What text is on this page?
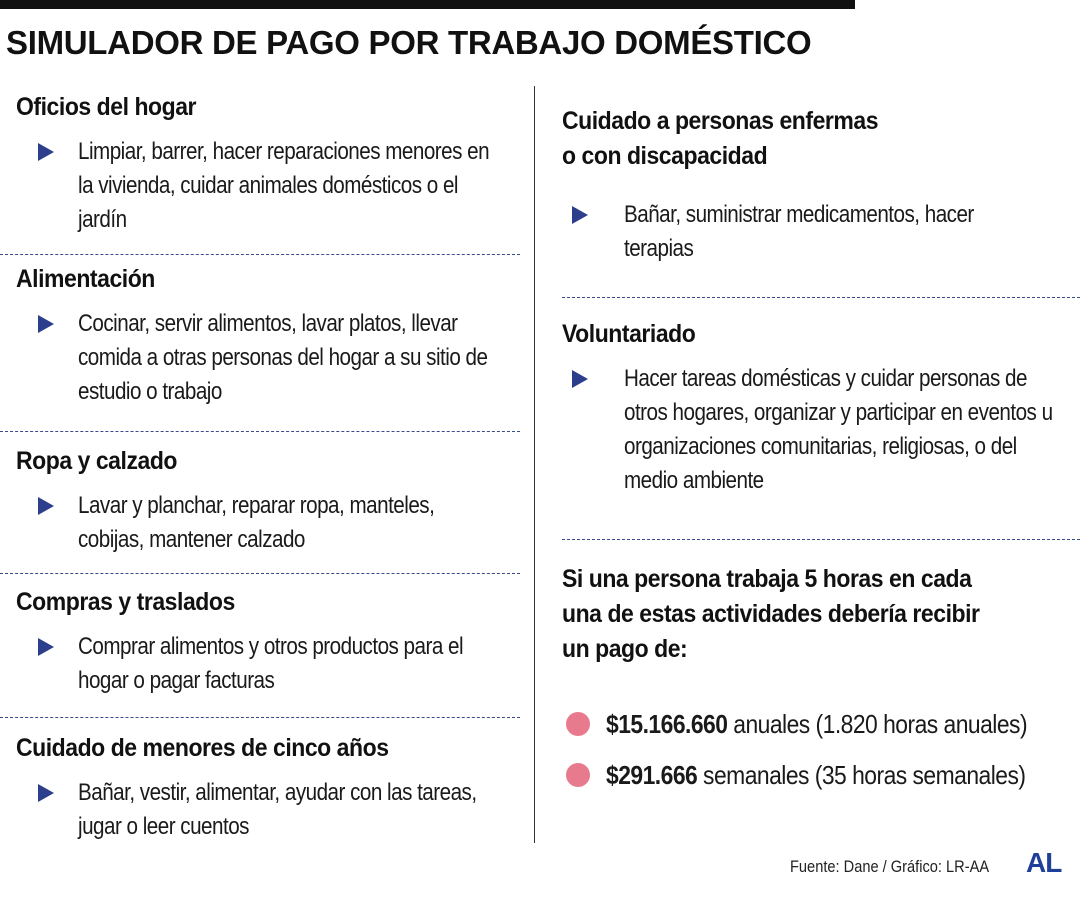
SIMULADOR DE PAGO POR TRABAJO DOMÉSTICO
Oficios del hogar
Limpiar, barrer, hacer reparaciones menores en la vivienda, cuidar animales domésticos o el jardín
Alimentación
Cocinar, servir alimentos, lavar platos, llevar comida a otras personas del hogar a su sitio de estudio o trabajo
Ropa y calzado
Lavar y planchar, reparar ropa, manteles, cobijas, mantener calzado
Compras y traslados
Comprar alimentos y otros productos para el hogar o pagar facturas
Cuidado de menores de cinco años
Bañar, vestir, alimentar, ayudar con las tareas, jugar o leer cuentos
Cuidado a personas enfermas
o con discapacidad
Bañar, suministrar medicamentos, hacer terapias
Voluntariado
Hacer tareas domésticas y cuidar personas de otros hogares, organizar y participar en eventos u organizaciones comunitarias, religiosas, o del medio ambiente
Si una persona trabaja 5 horas en cada una de estas actividades debería recibir un pago de:
$15.166.660 anuales (1.820 horas anuales)
$291.666 semanales (35 horas semanales)
Fuente: Dane / Gráfico: LR-AA AL
